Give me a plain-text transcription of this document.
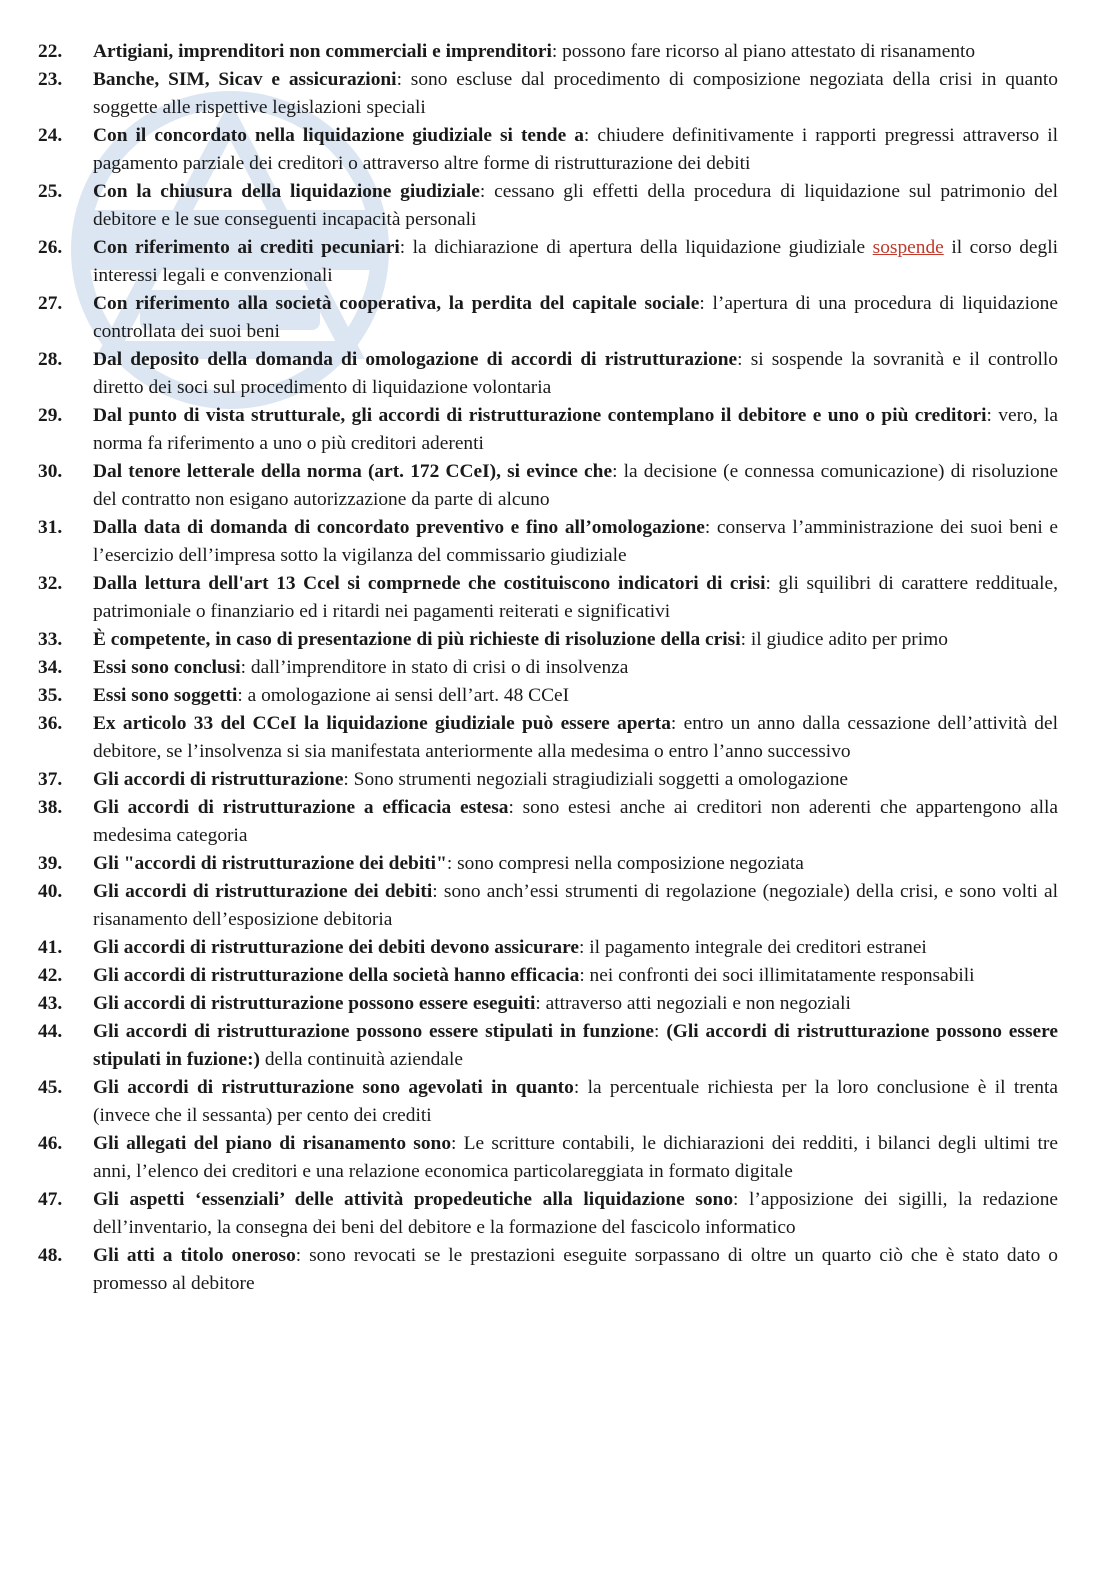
22.	Artigiani, imprenditori non commerciali e imprenditori: possono fare ricorso al piano attestato di risanamento
23.	Banche, SIM, Sicav e assicurazioni: sono escluse dal procedimento di composizione negoziata della crisi in quanto soggette alle rispettive legislazioni speciali
24.	Con il concordato nella liquidazione giudiziale si tende a: chiudere definitivamente i rapporti pregressi attraverso il pagamento parziale dei creditori o attraverso altre forme di ristrutturazione dei debiti
25.	Con la chiusura della liquidazione giudiziale: cessano gli effetti della procedura di liquidazione sul patrimonio del debitore e le sue conseguenti incapacità personali
26.	Con riferimento ai crediti pecuniari: la dichiarazione di apertura della liquidazione giudiziale sospende il corso degli interessi legali e convenzionali
27.	Con riferimento alla società cooperativa, la perdita del capitale sociale: l’apertura di una procedura di liquidazione controllata dei suoi beni
28.	Dal deposito della domanda di omologazione di accordi di ristrutturazione: si sospende la sovranità e il controllo diretto dei soci sul procedimento di liquidazione volontaria
29.	Dal punto di vista strutturale, gli accordi di ristrutturazione contemplano il debitore e uno o più creditori: vero, la norma fa riferimento a uno o più creditori aderenti
30.	Dal tenore letterale della norma (art. 172 CCeI), si evince che: la decisione (e connessa comunicazione) di risoluzione del contratto non esigano autorizzazione da parte di alcuno
31.	Dalla data di domanda di concordato preventivo e fino all’omologazione: conserva l’amministrazione dei suoi beni e l’esercizio dell’impresa sotto la vigilanza del commissario giudiziale
32.	Dalla lettura dell'art 13 Ccel si comprnede che costituiscono indicatori di crisi: gli squilibri di carattere reddituale, patrimoniale o finanziario ed i ritardi nei pagamenti reiterati e significativi
33.	È competente, in caso di presentazione di più richieste di risoluzione della crisi: il giudice adito per primo
34.	Essi sono conclusi: dall’imprenditore in stato di crisi o di insolvenza
35.	Essi sono soggetti: a omologazione ai sensi dell’art. 48 CCeI
36.	Ex articolo 33 del CCeI la liquidazione giudiziale può essere aperta: entro un anno dalla cessazione dell’attività del debitore, se l’insolvenza si sia manifestata anteriormente alla medesima o entro l’anno successivo
37.	Gli accordi di ristrutturazione: Sono strumenti negoziali stragiudiziali soggetti a omologazione
38.	Gli accordi di ristrutturazione a efficacia estesa: sono estesi anche ai creditori non aderenti che appartengono alla medesima categoria
39.	Gli "accordi di ristrutturazione dei debiti": sono compresi nella composizione negoziata
40.	Gli accordi di ristrutturazione dei debiti: sono anch’essi strumenti di regolazione (negoziale) della crisi, e sono volti al risanamento dell’esposizione debitoria
41.	Gli accordi di ristrutturazione dei debiti devono assicurare: il pagamento integrale dei creditori estranei
42.	Gli accordi di ristrutturazione della società hanno efficacia: nei confronti dei soci illimitatamente responsabili
43.	Gli accordi di ristrutturazione possono essere eseguiti: attraverso atti negoziali e non negoziali
44.	Gli accordi di ristrutturazione possono essere stipulati in funzione: (Gli accordi di ristrutturazione possono essere stipulati in fuzione:) della continuità aziendale
45.	Gli accordi di ristrutturazione sono agevolati in quanto: la percentuale richiesta per la loro conclusione è il trenta (invece che il sessanta) per cento dei crediti
46.	Gli allegati del piano di risanamento sono: Le scritture contabili, le dichiarazioni dei redditi, i bilanci degli ultimi tre anni, l’elenco dei creditori e una relazione economica particolareggiata in formato digitale
47.	Gli aspetti ‘essenziali’ delle attività propedeutiche alla liquidazione sono: l’apposizione dei sigilli, la redazione dell’inventario, la consegna dei beni del debitore e la formazione del fascicolo informatico
48.	Gli atti a titolo oneroso: sono revocati se le prestazioni eseguite sorpassano di oltre un quarto ciò che è stato dato o promesso al debitore
